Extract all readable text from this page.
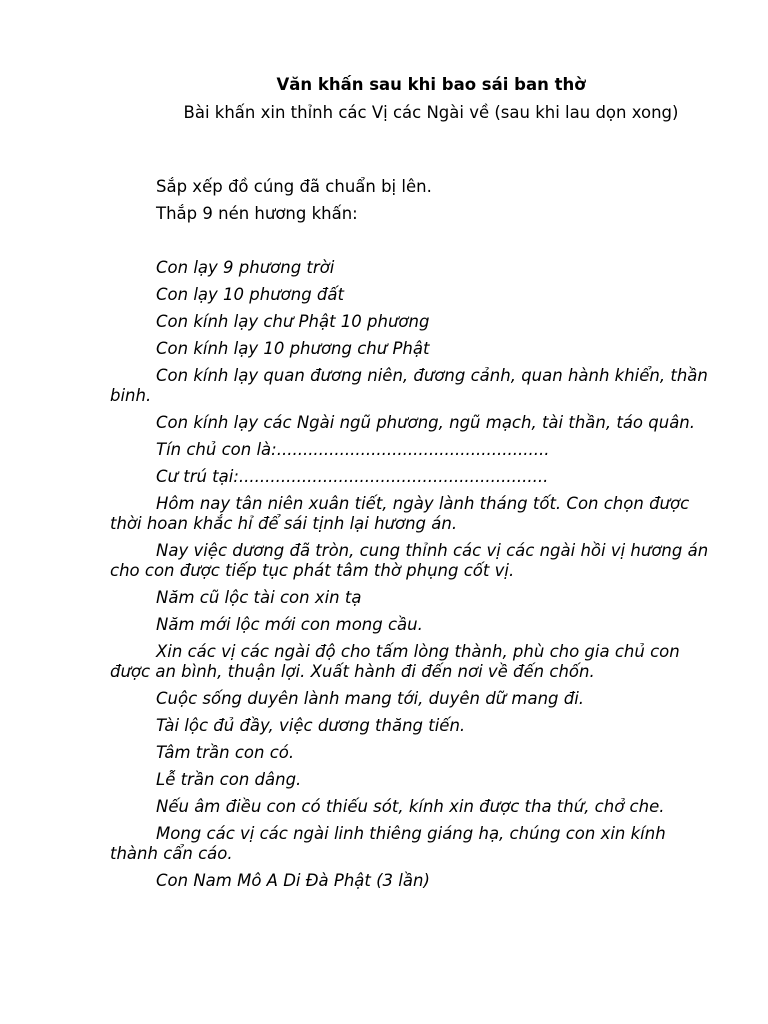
Văn khấn sau khi bao sái ban thờ
Bài khấn xin thỉnh các Vị các Ngài về (sau khi lau dọn xong)

Sắp xếp đồ cúng đã chuẩn bị lên.

Thắp 9 nén hương khấn:

Con lạy 9 phương trời

Con lạy 10 phương đất

Con kính lạy chư Phật 10 phương

Con kính lạy 10 phương chư Phật

Con kính lạy quan đương niên, đương cảnh, quan hành khiển, thần binh.

Con kính lạy các Ngài ngũ phương, ngũ mạch, tài thần, táo quân.

Tín chủ con là:....................................................

Cư trú tại:...........................................................

Hôm nay tân niên xuân tiết, ngày lành tháng tốt. Con chọn được thời hoan khắc hỉ để sái tịnh lại hương án.

Nay việc dương đã tròn, cung thỉnh các vị các ngài hồi vị hương án cho con được tiếp tục phát tâm thờ phụng cốt vị.

Năm cũ lộc tài con xin tạ

Năm mới lộc mới con mong cầu.

Xin các vị các ngài độ cho tấm lòng thành, phù cho gia chủ con được an bình, thuận lợi. Xuất hành đi đến nơi về đến chốn.

Cuộc sống duyên lành mang tới, duyên dữ mang đi.

Tài lộc đủ đầy, việc dương thăng tiến.

Tâm trần con có.

Lễ trần con dâng.

Nếu âm điều con có thiếu sót, kính xin được tha thứ, chở che.

Mong các vị các ngài linh thiêng giáng hạ, chúng con xin kính thành cẩn cáo.

Con Nam Mô A Di Đà Phật (3 lần)
